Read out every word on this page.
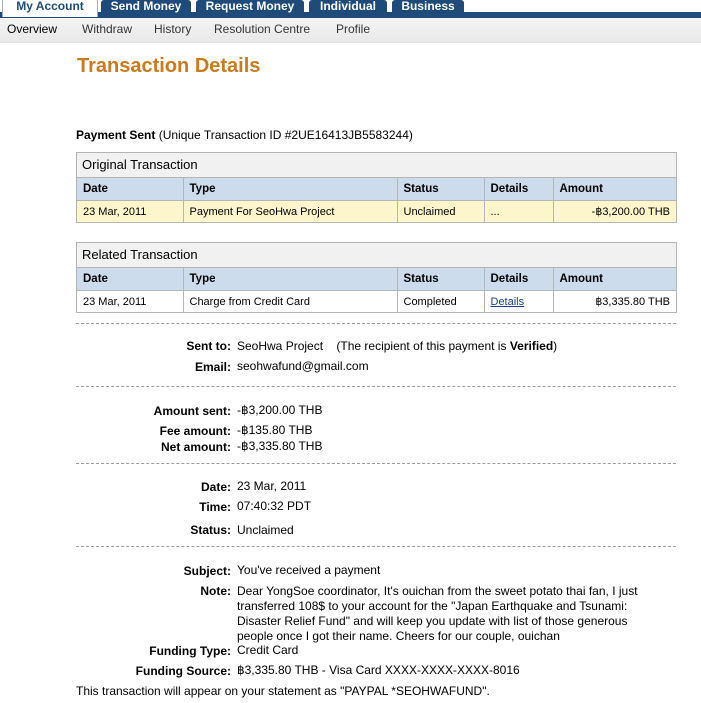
My Account	Send Money	Request Money	Individual	Business
Overview Withdraw History Resolution Centre Profile
Transaction Details
Payment Sent (Unique Transaction ID #2UE16413JB5583244)
Original Transaction
Date	Type	Status	Details	Amount
23 Mar, 2011	Payment For SeoHwa Project	Unclaimed	...	-฿3,200.00 THB
Related Transaction
Date	Type	Status	Details	Amount
23 Mar, 2011	Charge from Credit Card	Completed	Details	฿3,335.80 THB
Sent to: SeoHwa Project (The recipient of this payment is Verified)
Email: seohwafund@gmail.com
Amount sent: -฿3,200.00 THB
Fee amount: -฿135.80 THB
Net amount: -฿3,335.80 THB
Date: 23 Mar, 2011
Time: 07:40:32 PDT
Status: Unclaimed
Subject: You've received a payment
Note: Dear YongSoe coordinator, It's ouichan from the sweet potato thai fan, I just transferred 108$ to your account for the "Japan Earthquake and Tsunami: Disaster Relief Fund" and will keep you update with list of those generous people once I got their name. Cheers for our couple, ouichan
Funding Type: Credit Card
Funding Source: ฿3,335.80 THB - Visa Card XXXX-XXXX-XXXX-8016
This transaction will appear on your statement as "PAYPAL *SEOHWAFUND".
